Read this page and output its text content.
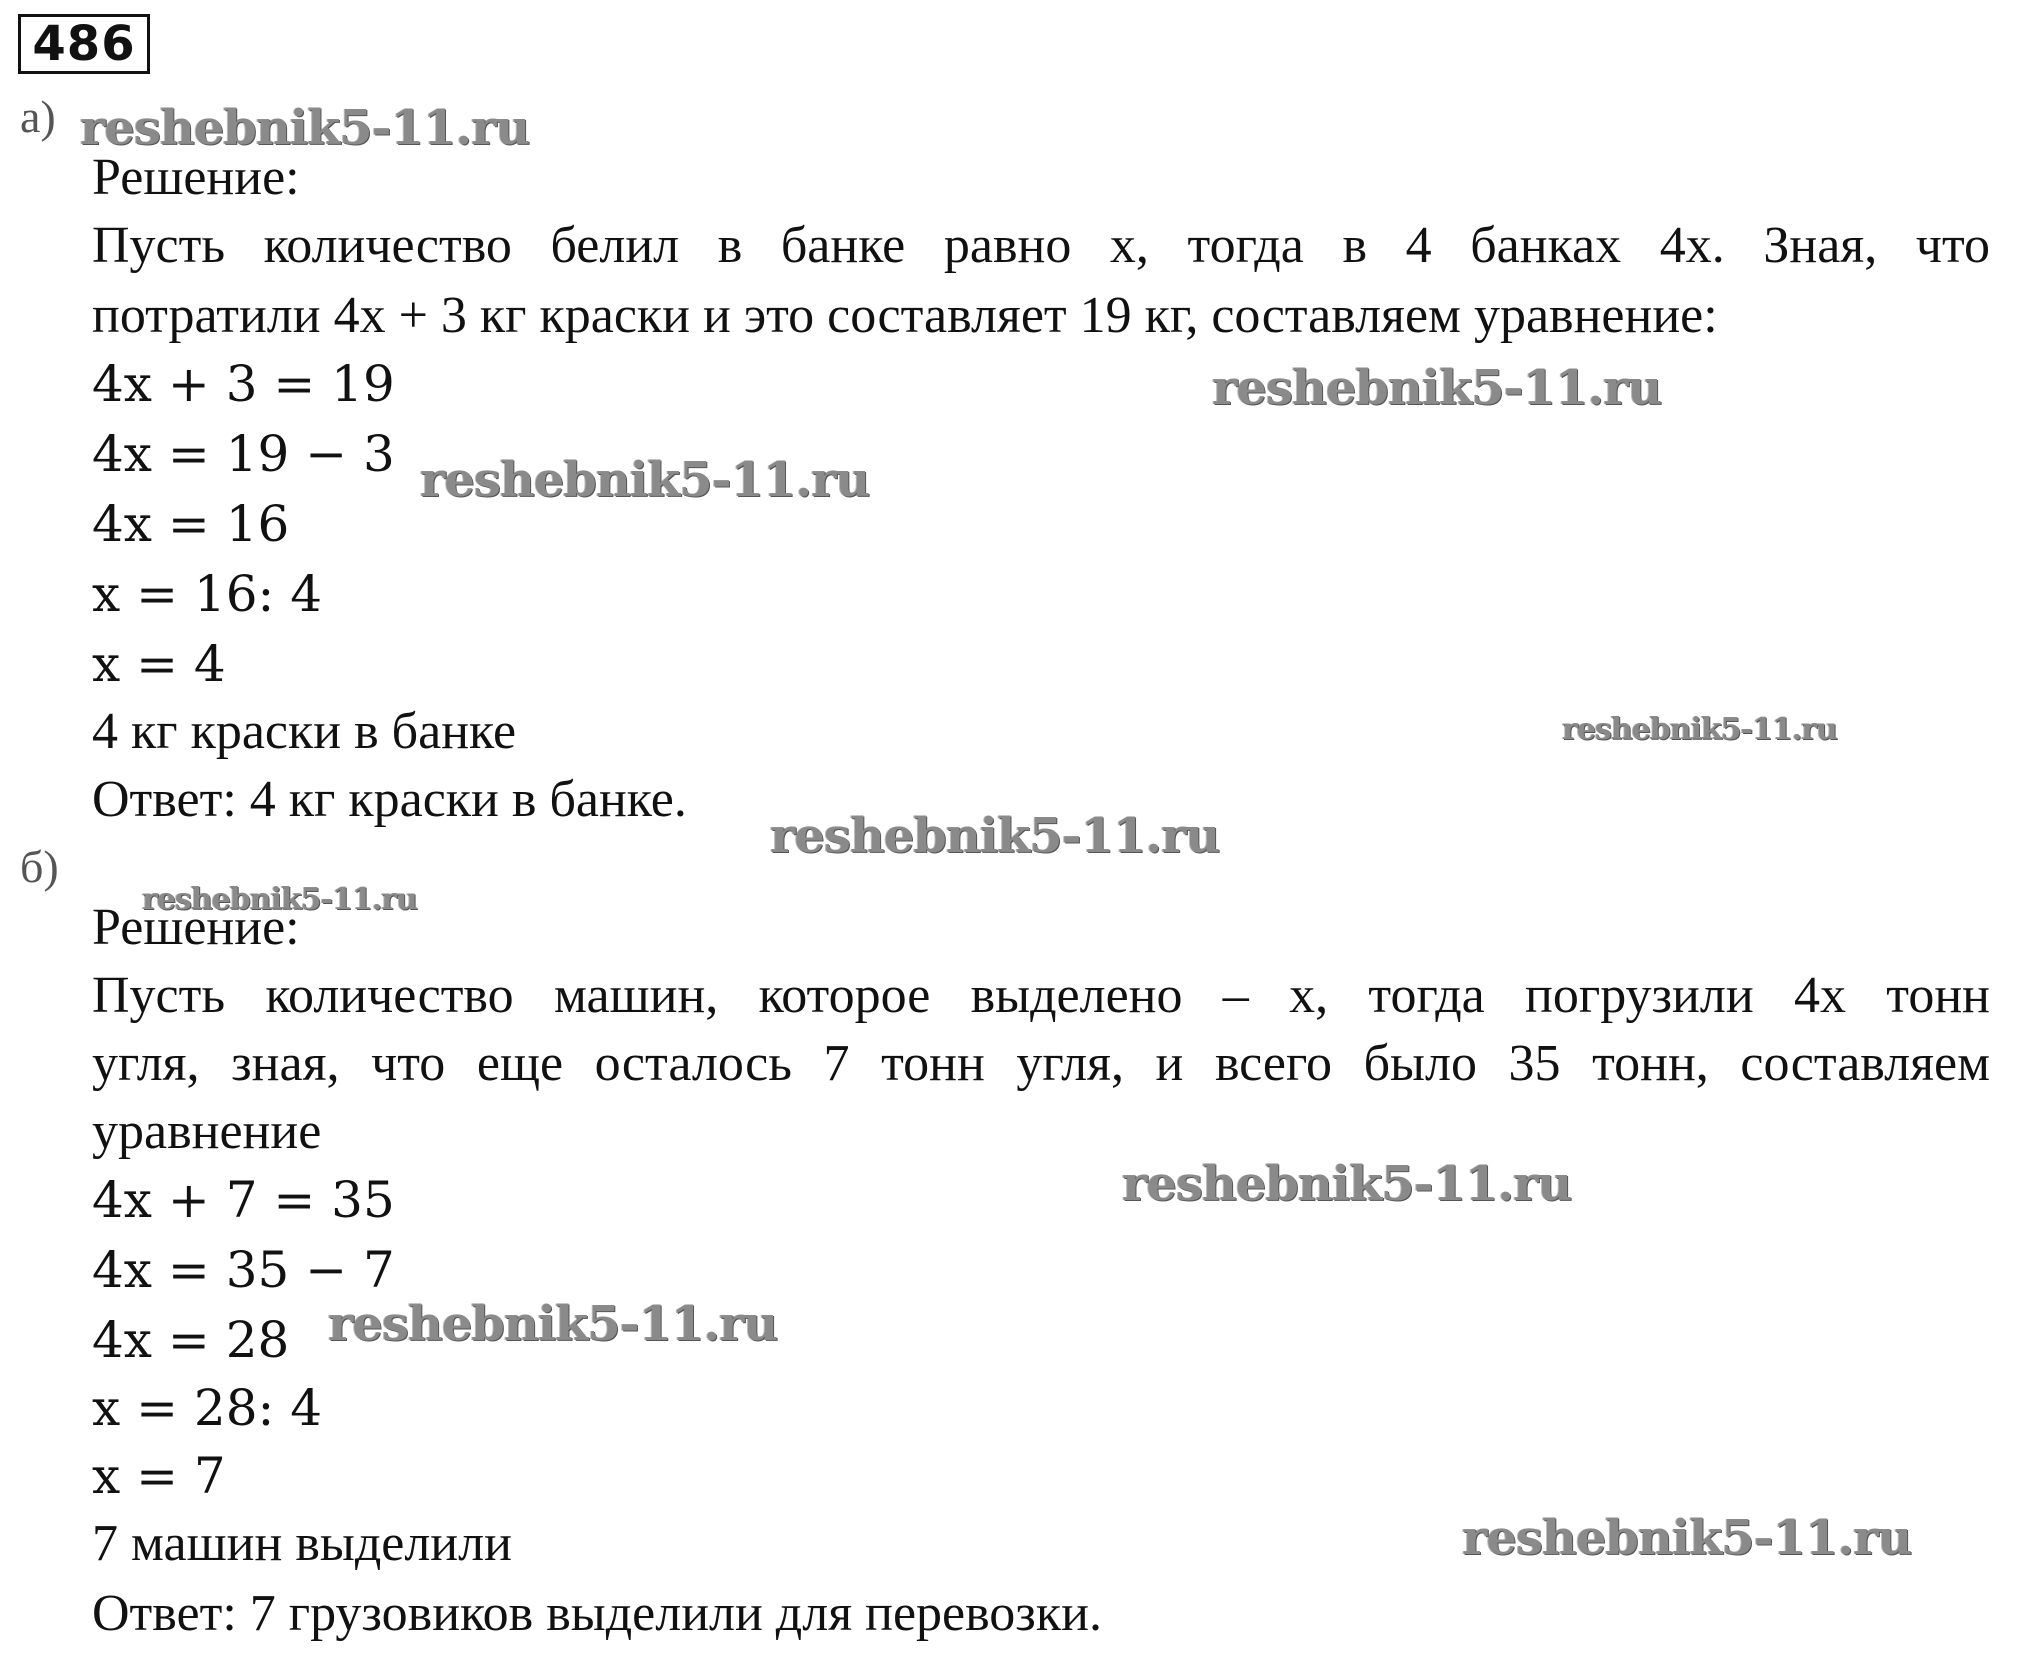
486
а)
Решение:
Пусть количество белил в банке равно x, тогда в 4 банках 4x. Зная, что
потратили 4x + 3 кг краски и это составляет 19 кг, составляем уравнение:
4x + 3 = 19
4x = 19 − 3
4x = 16
x = 16: 4
x = 4
4 кг краски в банке
Ответ: 4 кг краски в банке.
б)
Решение:
Пусть количество машин, которое выделено – x, тогда погрузили 4x тонн
угля, зная, что еще осталось 7 тонн угля, и всего было 35 тонн, составляем
уравнение
4x + 7 = 35
4x = 35 − 7
4x = 28
x = 28: 4
x = 7
7 машин выделили
Ответ: 7 грузовиков выделили для перевозки.
reshebnik5-11.ru
reshebnik5-11.ru
reshebnik5-11.ru
reshebnik5-11.ru
reshebnik5-11.ru
reshebnik5-11.ru
reshebnik5-11.ru
reshebnik5-11.ru
reshebnik5-11.ru
